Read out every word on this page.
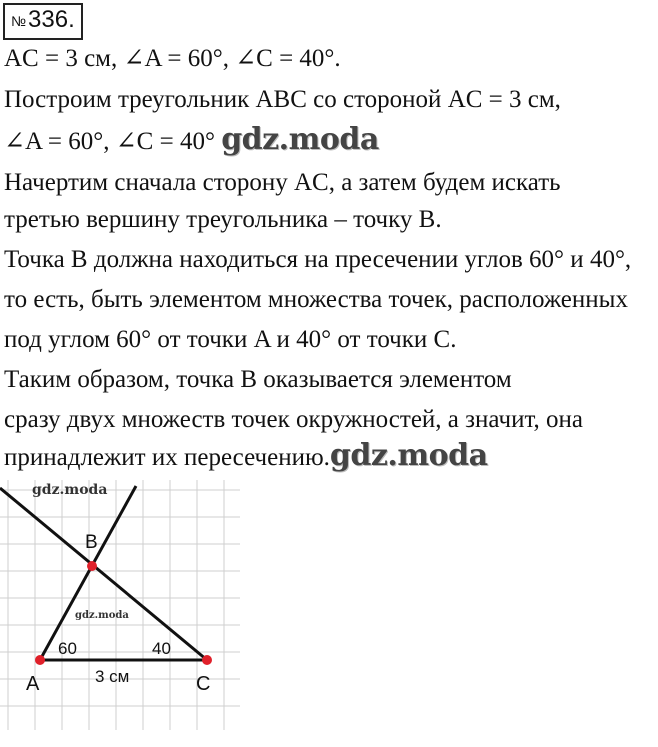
№336.
AC = 3 см, ∠A = 60°, ∠C = 40°.
Построим треугольник ABC со стороной AC = 3 см,
∠A = 60°, ∠C = 40° gdz.moda
Начертим сначала сторону AC, а затем будем искать
третью вершину треугольника – точку B.
Точка B должна находиться на пресечении углов 60° и 40°,
то есть, быть элементом множества точек, расположенных
под углом 60° от точки A и 40° от точки C.
Таким образом, точка B оказывается элементом
сразу двух множеств точек окружностей, а значит, она
принадлежит их пересечению.gdz.moda
gdz.moda
B
gdz.moda
60	40
A	C
3 см
